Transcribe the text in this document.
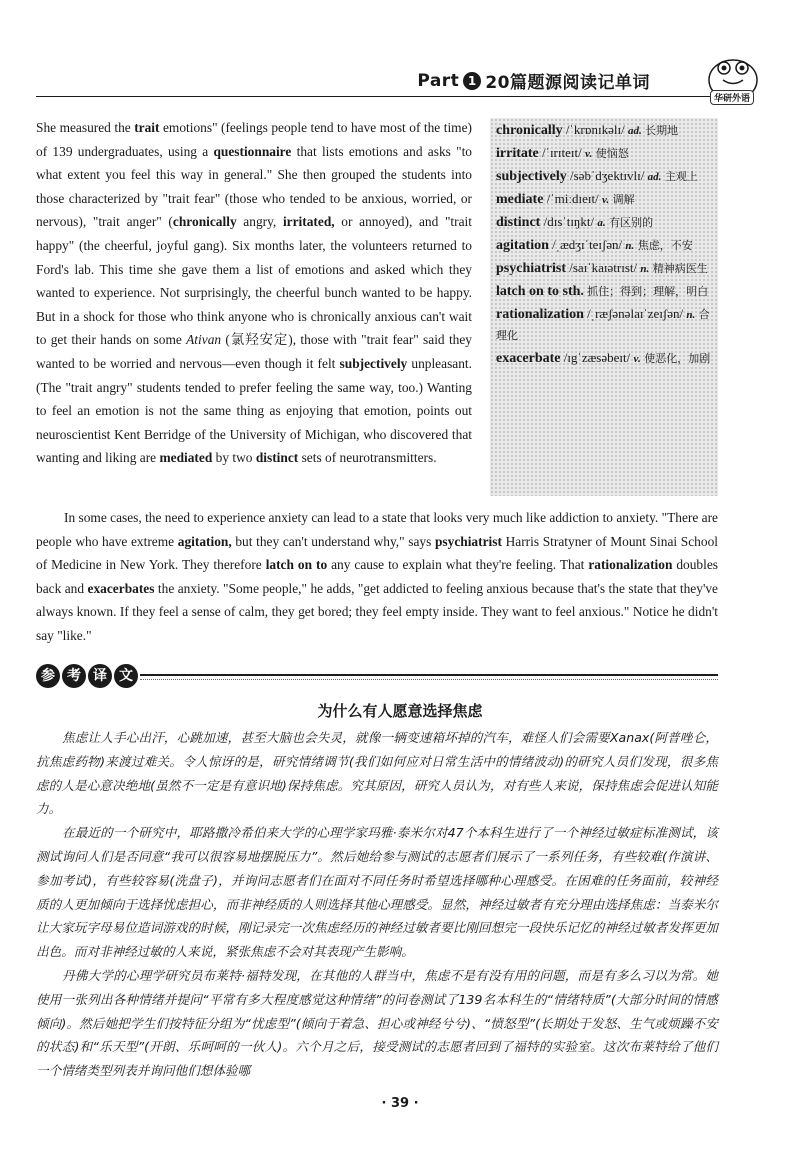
Part 1 20篇题源阅读记单词
华研外语

She measured the trait emotions" (feelings people tend to have most of the time) of 139 undergraduates, using a questionnaire that lists emotions and asks "to what extent you feel this way in general." She then grouped the students into those characterized by "trait fear" (those who tended to be anxious, worried, or nervous), "trait anger" (chronically angry, irritated, or annoyed), and "trait happy" (the cheerful, joyful gang). Six months later, the volunteers returned to Ford's lab. This time she gave them a list of emotions and asked which they wanted to experience. Not surprisingly, the cheerful bunch wanted to be happy. But in a shock for those who think anyone who is chronically anxious can't wait to get their hands on some Ativan (氯羟安定), those with "trait fear" said they wanted to be worried and nervous—even though it felt subjectively unpleasant. (The "trait angry" students tended to prefer feeling the same way, too.) Wanting to feel an emotion is not the same thing as enjoying that emotion, points out neuroscientist Kent Berridge of the University of Michigan, who discovered that wanting and liking are mediated by two distinct sets of neurotransmitters.

chronically /ˈkrɒnɪkəlɪ/ ad. 长期地
irritate /ˈɪrɪteɪt/ v. 使恼怒
subjectively /səbˈdʒektɪvlɪ/ ad. 主观上
mediate /ˈmiːdɪeɪt/ v. 调解
distinct /dɪsˈtɪŋkt/ a. 有区别的
agitation /ˌædʒɪˈteɪʃən/ n. 焦虑，不安
psychiatrist /saɪˈkaɪətrɪst/ n. 精神病医生
latch on to sth. 抓住；得到；理解，明白
rationalization /ˌræʃənəlaɪˈzeɪʃən/ n. 合理化
exacerbate /ɪgˈzæsəbeɪt/ v. 使恶化，加剧

In some cases, the need to experience anxiety can lead to a state that looks very much like addiction to anxiety. "There are people who have extreme agitation, but they can't understand why," says psychiatrist Harris Stratyner of Mount Sinai School of Medicine in New York. They therefore latch on to any cause to explain what they're feeling. That rationalization doubles back and exacerbates the anxiety. "Some people," he adds, "get addicted to feeling anxious because that's the state that they've always known. If they feel a sense of calm, they get bored; they feel empty inside. They want to feel anxious." Notice he didn't say "like."

参 考 译 文
为什么有人愿意选择焦虑

焦虑让人手心出汗，心跳加速，甚至大脑也会失灵，就像一辆变速箱坏掉的汽车，难怪人们会需要Xanax(阿普唑仑，抗焦虑药物)来渡过难关。令人惊讶的是，研究情绪调节(我们如何应对日常生活中的情绪波动)的研究人员们发现，很多焦虑的人是心意决绝地(虽然不一定是有意识地)保持焦虑。究其原因，研究人员认为，对有些人来说，保持焦虑会促进认知能力。

在最近的一个研究中，耶路撒冷希伯来大学的心理学家玛雅·泰米尔对47个本科生进行了一个神经过敏症标准测试，该测试询问人们是否同意“我可以很容易地摆脱压力”。然后她给参与测试的志愿者们展示了一系列任务，有些较难(作演讲、参加考试)，有些较容易(洗盘子)，并询问志愿者们在面对不同任务时希望选择哪种心理感受。在困难的任务面前，较神经质的人更加倾向于选择忧虑担心，而非神经质的人则选择其他心理感受。显然，神经过敏者有充分理由选择焦虑：当泰米尔让大家玩字母易位造词游戏的时候，刚记录完一次焦虑经历的神经过敏者要比刚回想完一段快乐记忆的神经过敏者发挥更加出色。而对非神经过敏的人来说，紧张焦虑不会对其表现产生影响。

丹佛大学的心理学研究员布莱特·福特发现，在其他的人群当中，焦虑不是有没有用的问题，而是有多么习以为常。她使用一张列出各种情绪并提问“平常有多大程度感觉这种情绪”的问卷测试了139名本科生的“情绪特质”(大部分时间的情感倾向)。然后她把学生们按特征分组为“忧虑型”(倾向于着急、担心或神经兮兮)、“愤怒型”(长期处于发怒、生气或烦躁不安的状态)和“乐天型”(开朗、乐呵呵的一伙人)。六个月之后，接受测试的志愿者回到了福特的实验室。这次布莱特给了他们一个情绪类型列表并询问他们想体验哪

· 39 ·
